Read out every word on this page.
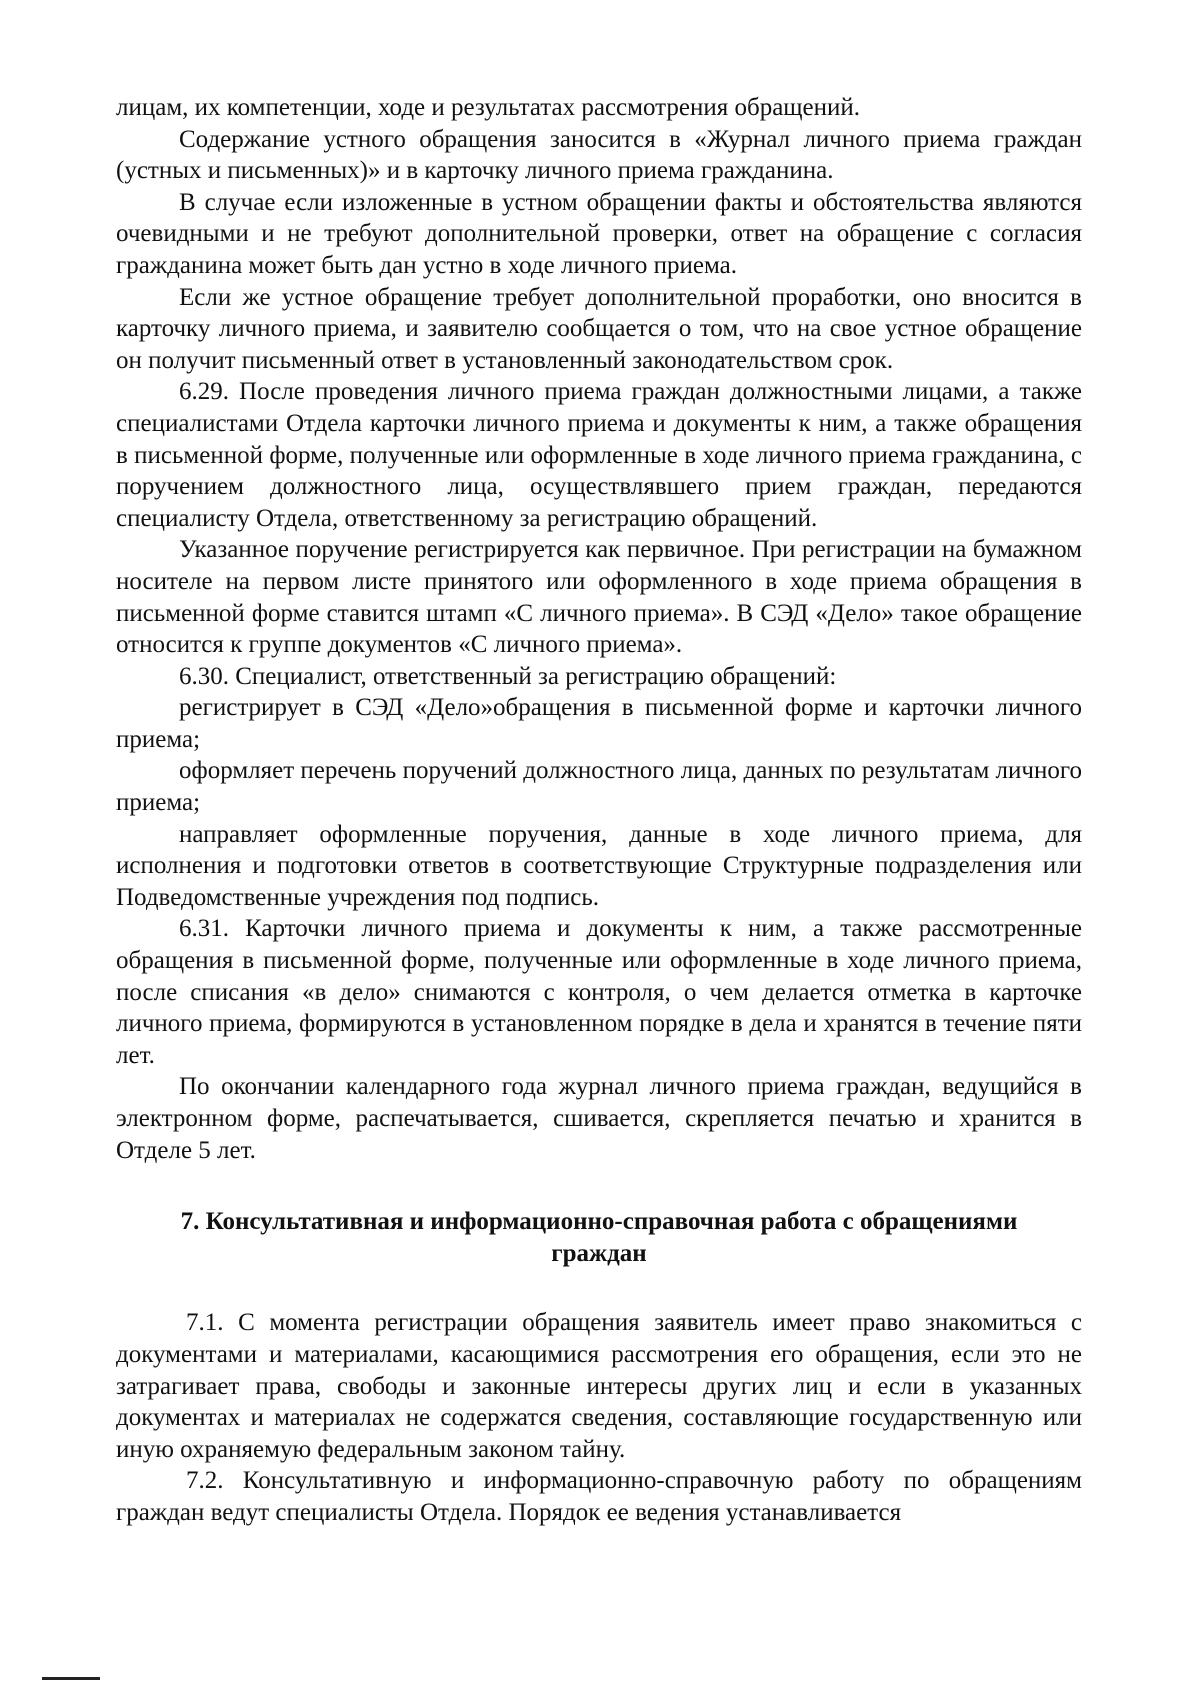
лицам, их компетенции, ходе и результатах рассмотрения обращений.

Содержание устного обращения заносится в «Журнал личного приема граждан (устных и письменных)» и в карточку личного приема гражданина.

В случае если изложенные в устном обращении факты и обстоятельства являются очевидными и не требуют дополнительной проверки, ответ на обращение с согласия гражданина может быть дан устно в ходе личного приема.

Если же устное обращение требует дополнительной проработки, оно вносится в карточку личного приема, и заявителю сообщается о том, что на свое устное обращение он получит письменный ответ в установленный законодательством срок.

6.29. После проведения личного приема граждан должностными лицами, а также специалистами Отдела карточки личного приема и документы к ним, а также обращения в письменной форме, полученные или оформленные в ходе личного приема гражданина, с поручением должностного лица, осуществлявшего прием граждан, передаются специалисту Отдела, ответственному за регистрацию обращений.

Указанное поручение регистрируется как первичное. При регистрации на бумажном носителе на первом листе принятого или оформленного в ходе приема обращения в письменной форме ставится штамп «С личного приема». В СЭД «Дело» такое обращение относится к группе документов «С личного приема».

6.30. Специалист, ответственный за регистрацию обращений:

регистрирует в СЭД «Дело»обращения в письменной форме и карточки личного приема;

оформляет перечень поручений должностного лица, данных по результатам личного приема;

направляет оформленные поручения, данные в ходе личного приема, для исполнения и подготовки ответов в соответствующие Структурные подразделения или Подведомственные учреждения под подпись.

6.31. Карточки личного приема и документы к ним, а также рассмотренные обращения в письменной форме, полученные или оформленные в ходе личного приема, после списания «в дело» снимаются с контроля, о чем делается отметка в карточке личного приема, формируются в установленном порядке в дела и хранятся в течение пяти лет.

По окончании календарного года журнал личного приема граждан, ведущийся в электронном форме, распечатывается, сшивается, скрепляется печатью и хранится в Отделе 5 лет.

7. Консультативная и информационно-справочная работа с обращениями граждан

7.1. С момента регистрации обращения заявитель имеет право знакомиться с документами и материалами, касающимися рассмотрения его обращения, если это не затрагивает права, свободы и законные интересы других лиц и если в указанных документах и материалах не содержатся сведения, составляющие государственную или иную охраняемую федеральным законом тайну.

7.2. Консультативную и информационно-справочную работу по обращениям граждан ведут специалисты Отдела. Порядок ее ведения устанавливается
